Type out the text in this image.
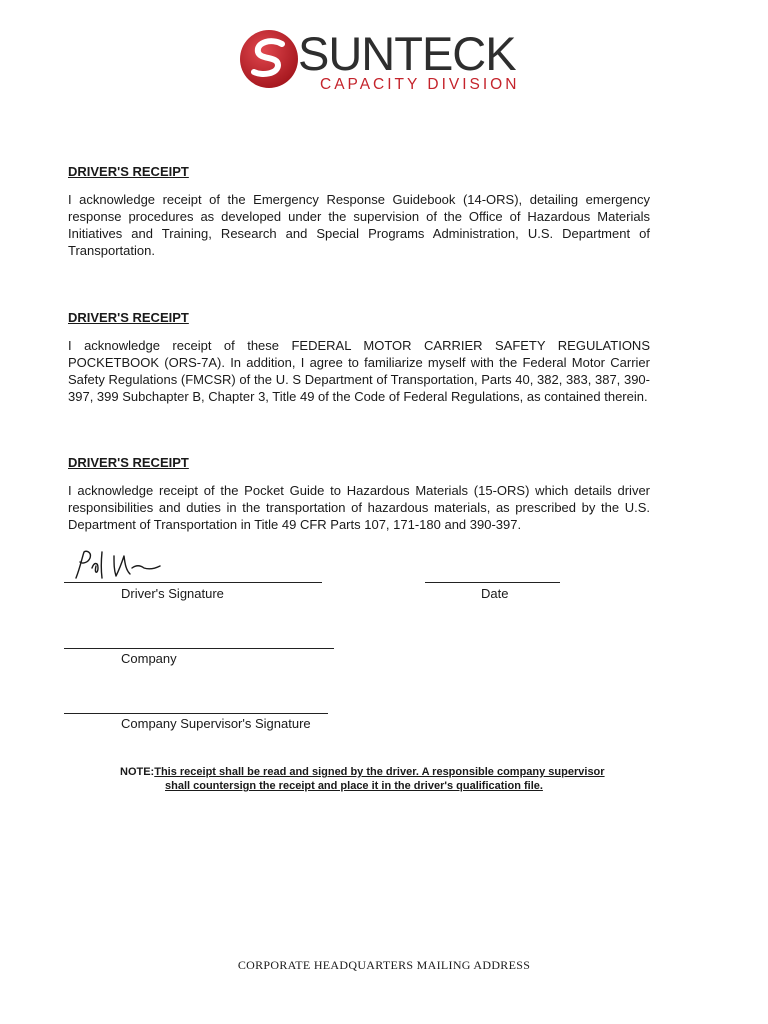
SUNTECK
CAPACITY DIVISION

DRIVER'S RECEIPT

I acknowledge receipt of the Emergency Response Guidebook (14-ORS), detailing emergency response procedures as developed under the supervision of the Office of Hazardous Materials Initiatives and Training, Research and Special Programs Administration, U.S. Department of Transportation.

DRIVER'S RECEIPT

I acknowledge receipt of these FEDERAL MOTOR CARRIER SAFETY REGULATIONS POCKETBOOK (ORS-7A). In addition, I agree to familiarize myself with the Federal Motor Carrier Safety Regulations (FMCSR) of the U. S Department of Transportation, Parts 40, 382, 383, 387, 390-397, 399 Subchapter B, Chapter 3, Title 49 of the Code of Federal Regulations, as contained therein.

DRIVER'S RECEIPT

I acknowledge receipt of the Pocket Guide to Hazardous Materials (15-ORS) which details driver responsibilities and duties in the transportation of hazardous materials, as prescribed by the U.S. Department of Transportation in Title 49 CFR Parts 107, 171-180 and 390-397.

Driver's Signature	Date
Company
Company Supervisor's Signature
NOTE:This receipt shall be read and signed by the driver. A responsible company supervisor
shall countersign the receipt and place it in the driver's qualification file.
CORPORATE HEADQUARTERS MAILING ADDRESS
